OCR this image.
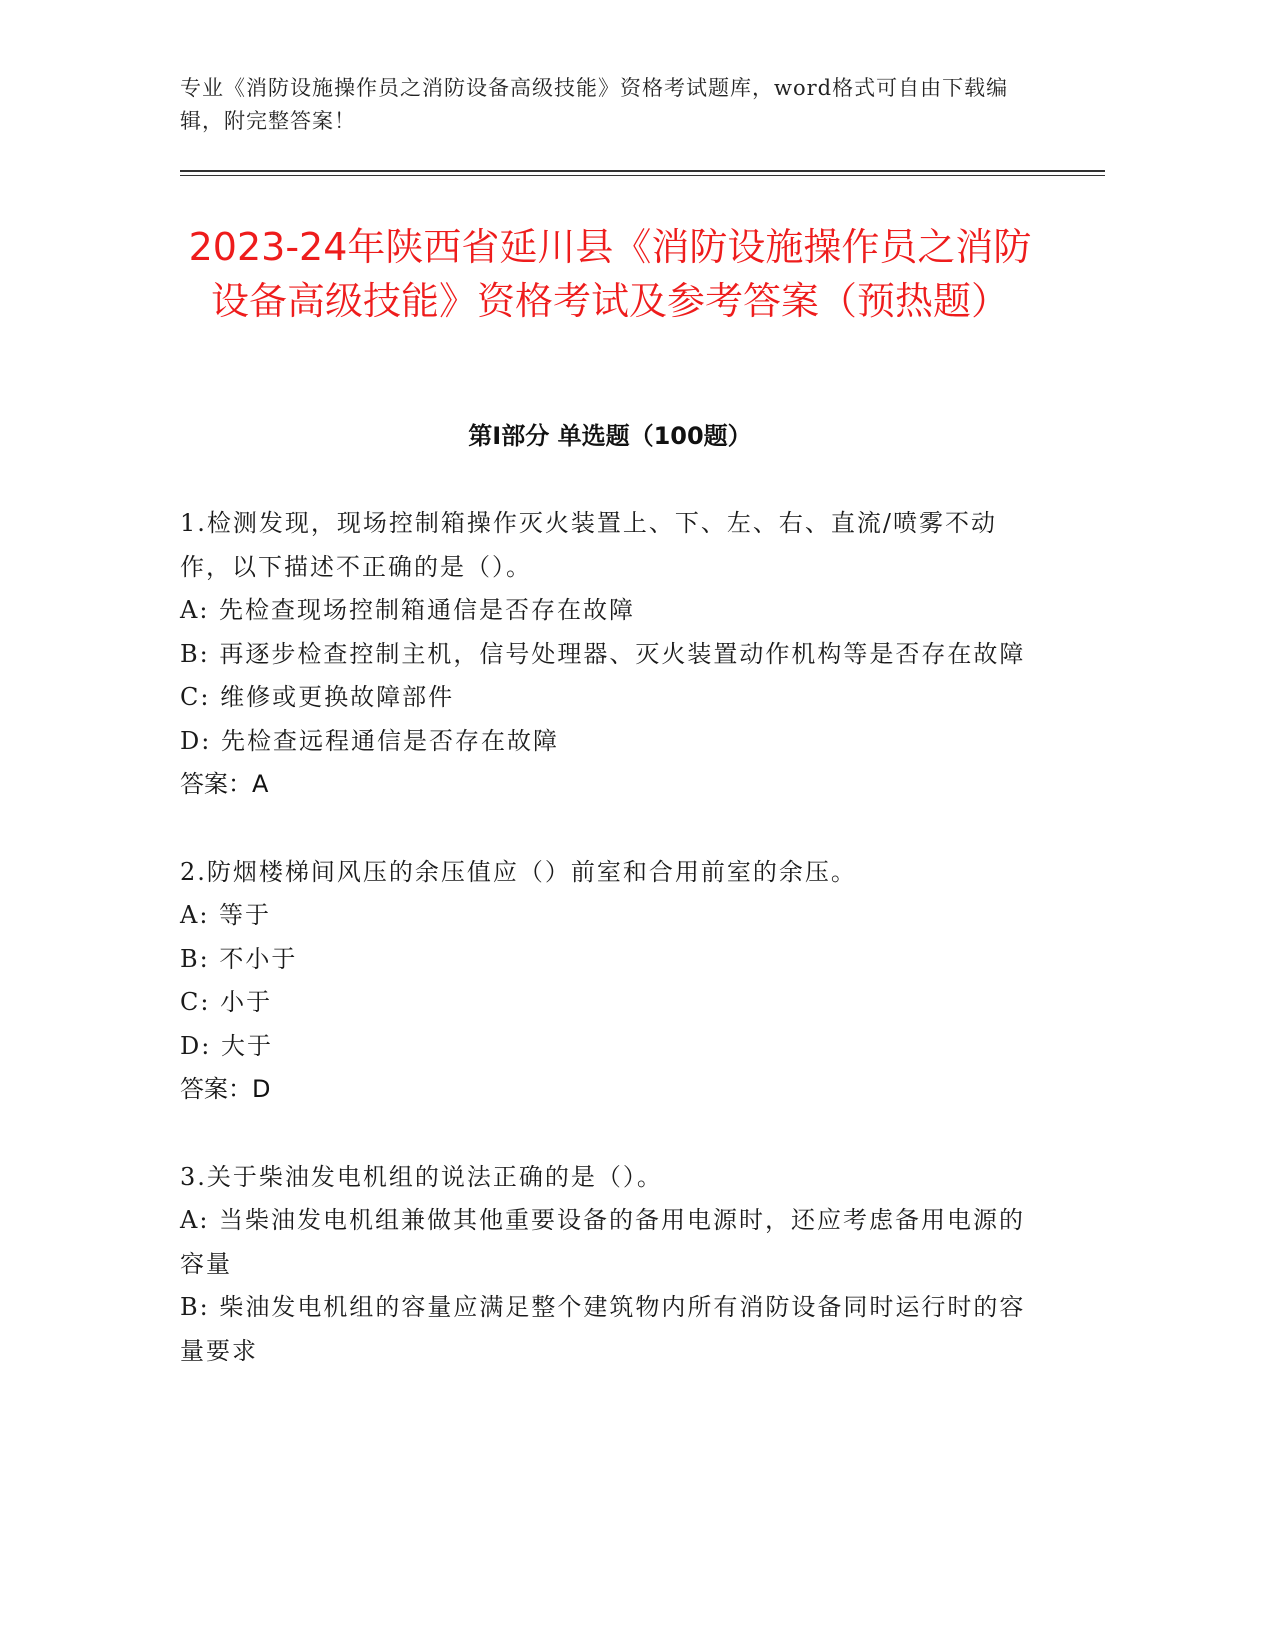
专业《消防设施操作员之消防设备高级技能》资格考试题库，word格式可自由下载编辑，附完整答案！
2023-24年陕西省延川县《消防设施操作员之消防设备高级技能》资格考试及参考答案（预热题）
第I部分 单选题（100题）

1.检测发现，现场控制箱操作灭火装置上、下、左、右、直流/喷雾不动作，以下描述不正确的是（）。

A: 先检查现场控制箱通信是否存在故障

B: 再逐步检查控制主机，信号处理器、灭火装置动作机构等是否存在故障

C: 维修或更换故障部件

D: 先检查远程通信是否存在故障

答案：A

2.防烟楼梯间风压的余压值应（）前室和合用前室的余压。

A: 等于

B: 不小于

C: 小于

D: 大于

答案：D

3.关于柴油发电机组的说法正确的是（）。

A: 当柴油发电机组兼做其他重要设备的备用电源时，还应考虑备用电源的容量

B: 柴油发电机组的容量应满足整个建筑物内所有消防设备同时运行时的容量要求
